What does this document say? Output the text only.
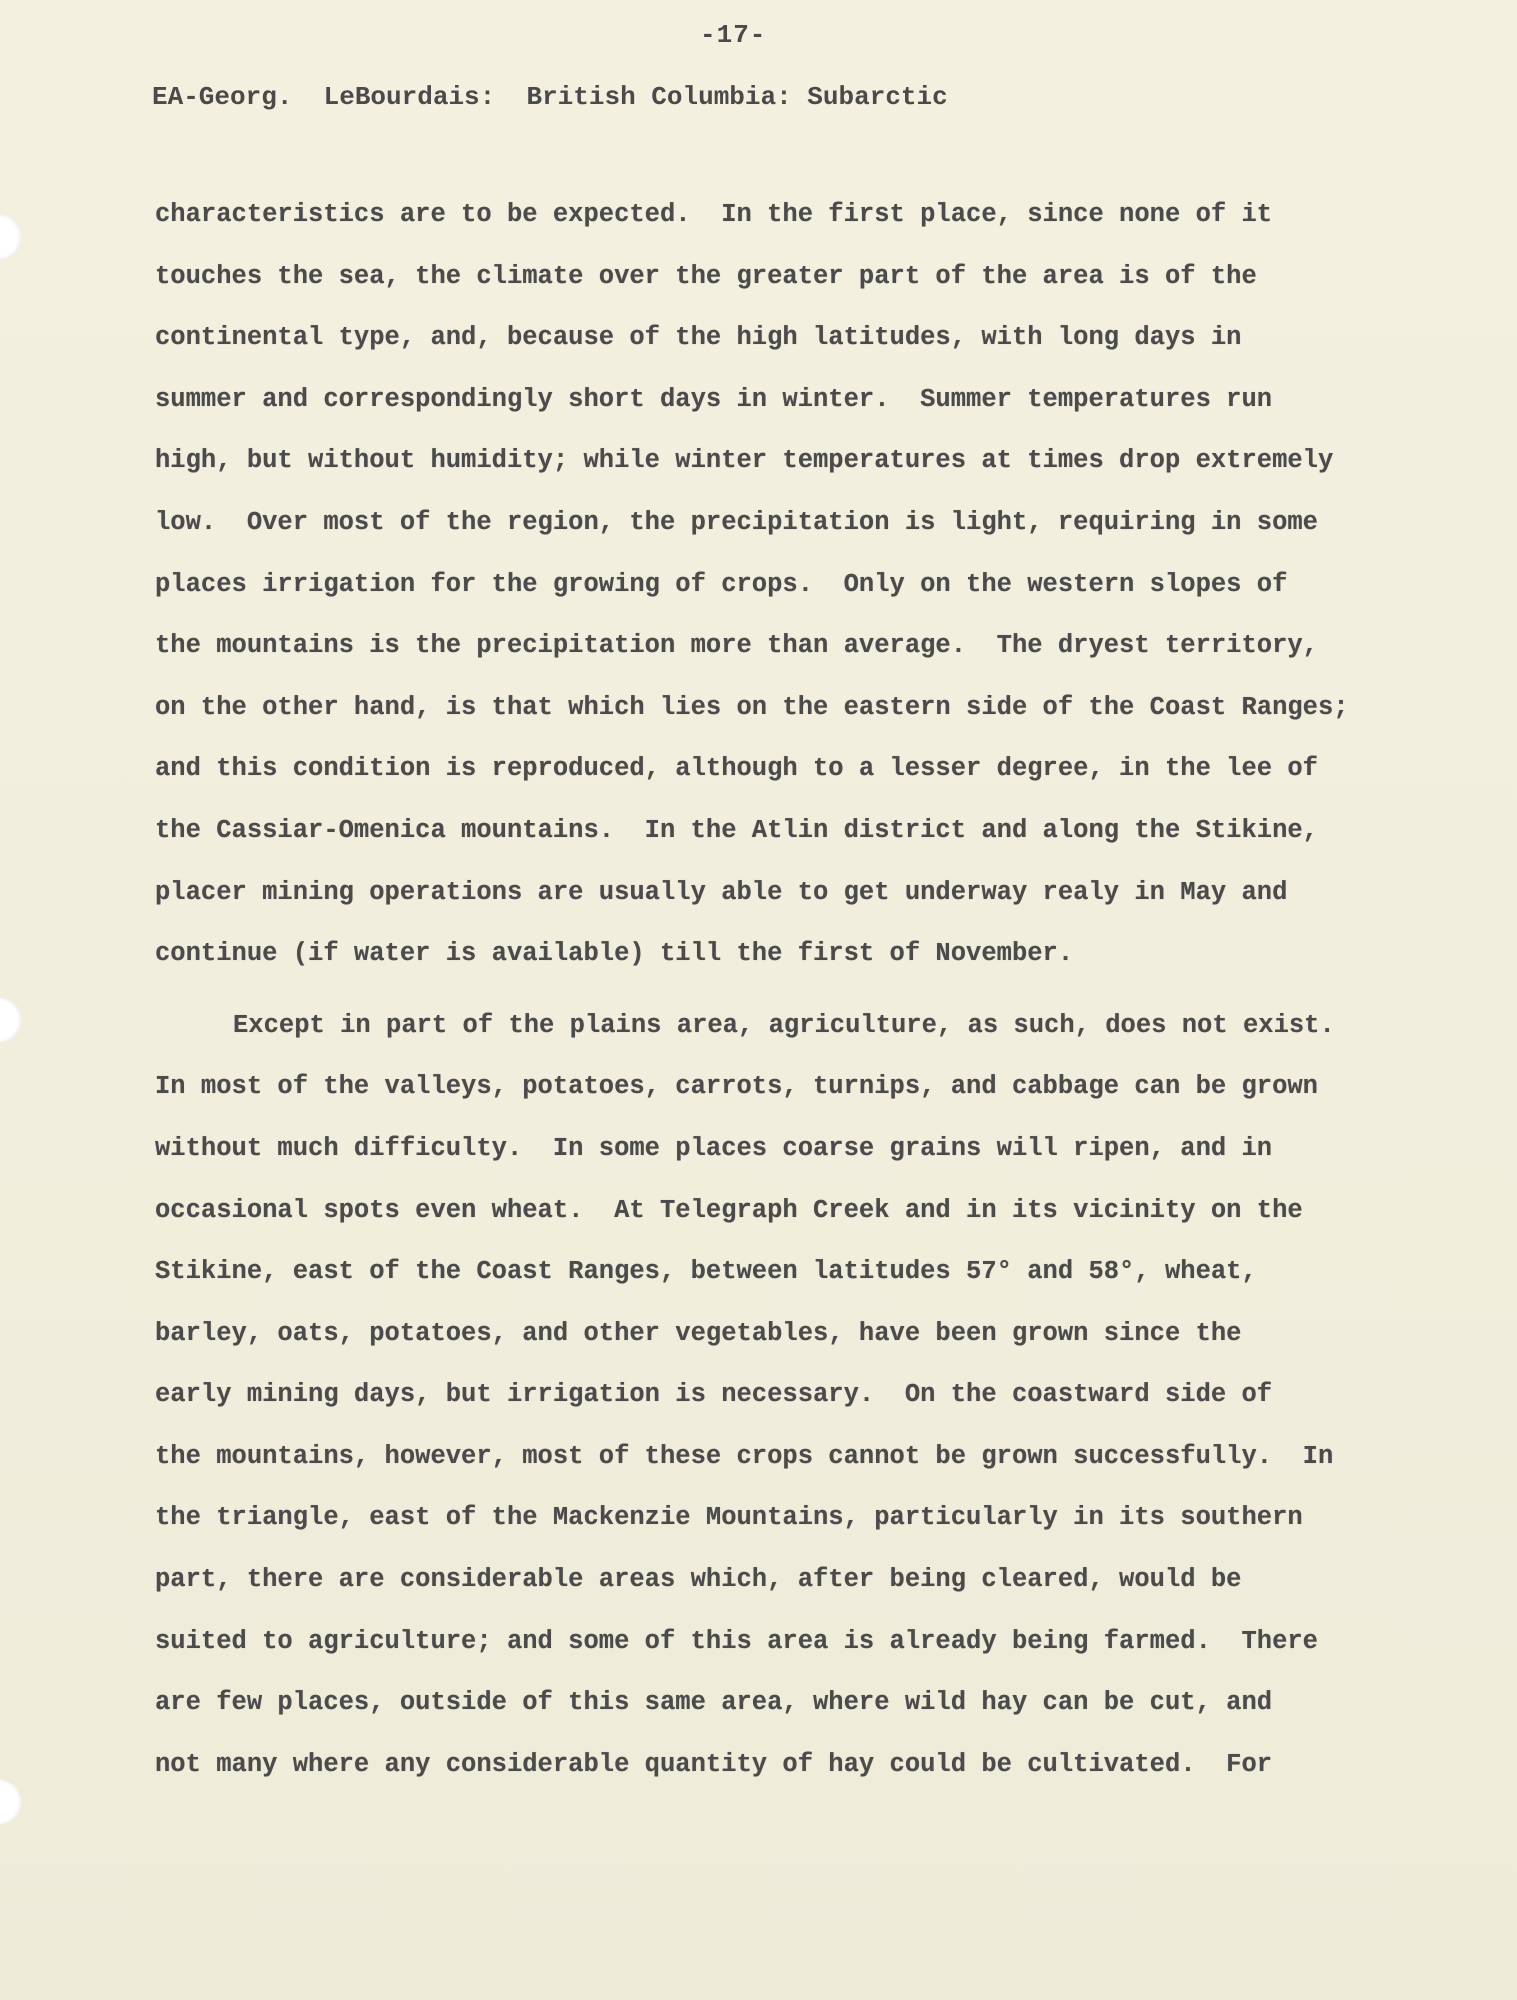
-17-
EA-Georg.  LeBourdais:  British Columbia: Subarctic
characteristics are to be expected.  In the first place, since none of it
touches the sea, the climate over the greater part of the area is of the
continental type, and, because of the high latitudes, with long days in
summer and correspondingly short days in winter.  Summer temperatures run
high, but without humidity; while winter temperatures at times drop extremely
low.  Over most of the region, the precipitation is light, requiring in some
places irrigation for the growing of crops.  Only on the western slopes of
the mountains is the precipitation more than average.  The dryest territory,
on the other hand, is that which lies on the eastern side of the Coast Ranges;
and this condition is reproduced, although to a lesser degree, in the lee of
the Cassiar-Omenica mountains.  In the Atlin district and along the Stikine,
placer mining operations are usually able to get underway realy in May and
continue (if water is available) till the first of November.
Except in part of the plains area, agriculture, as such, does not exist.
In most of the valleys, potatoes, carrots, turnips, and cabbage can be grown
without much difficulty.  In some places coarse grains will ripen, and in
occasional spots even wheat.  At Telegraph Creek and in its vicinity on the
Stikine, east of the Coast Ranges, between latitudes 57° and 58°, wheat,
barley, oats, potatoes, and other vegetables, have been grown since the
early mining days, but irrigation is necessary.  On the coastward side of
the mountains, however, most of these crops cannot be grown successfully.  In
the triangle, east of the Mackenzie Mountains, particularly in its southern
part, there are considerable areas which, after being cleared, would be
suited to agriculture; and some of this area is already being farmed.  There
are few places, outside of this same area, where wild hay can be cut, and
not many where any considerable quantity of hay could be cultivated.  For
